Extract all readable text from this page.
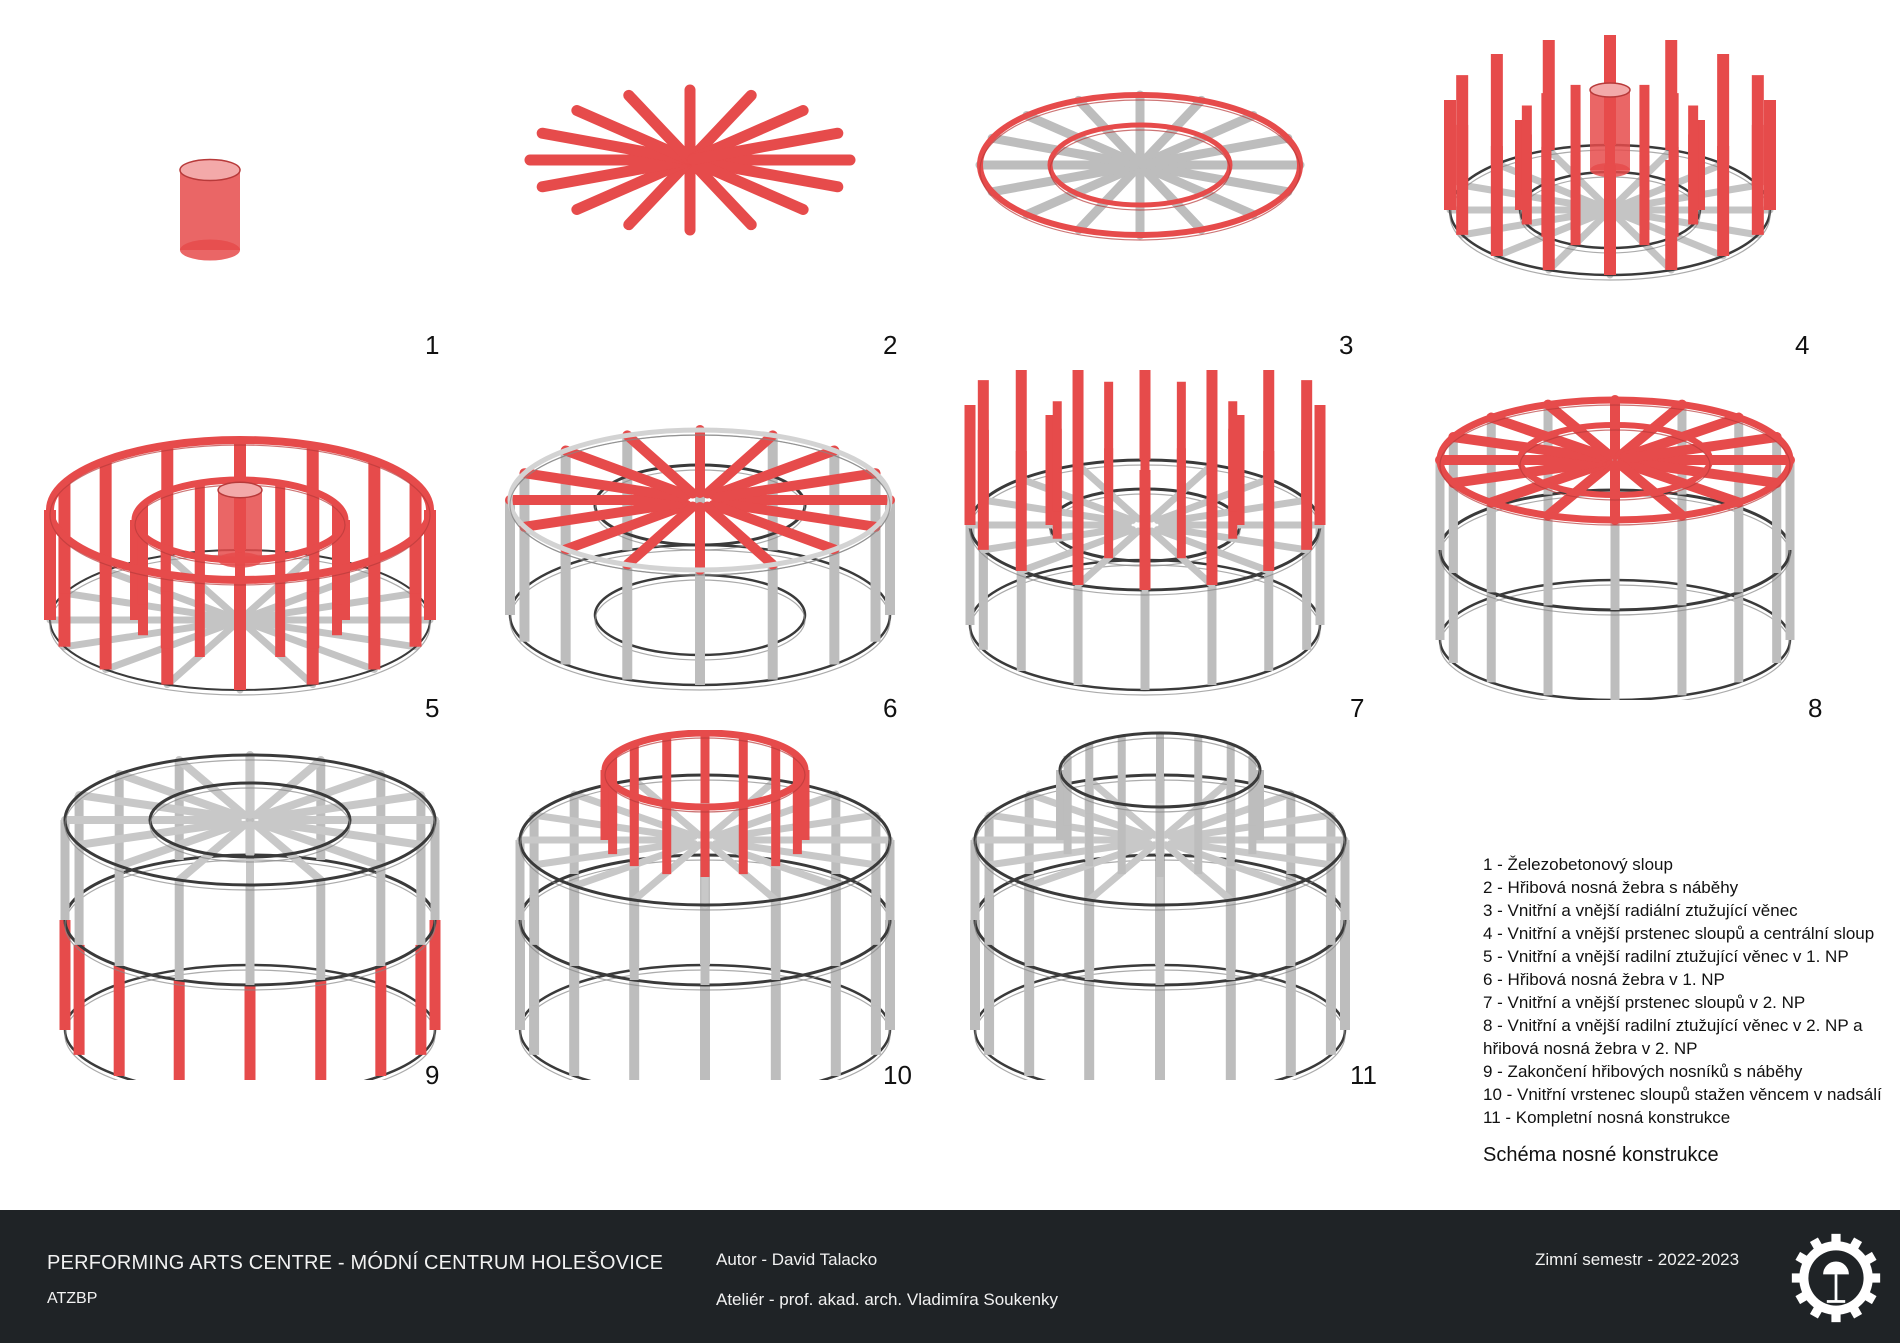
1	2	3	4
5	6	7	8
9	10	11
1 - Železobetonový sloup
2 - Hřibová nosná žebra s náběhy
3 - Vnitřní a vnější radiální ztužující věnec
4 - Vnitřní a vnější prstenec sloupů a centrální sloup
5 - Vnitřní a vnější radilní ztužující věnec v 1. NP
6 - Hřibová nosná žebra v 1. NP
7 - Vnitřní a vnější prstenec sloupů v 2. NP
8 - Vnitřní a vnější radilní ztužující věnec v 2. NP a
hřibová nosná žebra v 2. NP
9 - Zakončení hřibových nosníků s náběhy
10 - Vnitřní vrstenec sloupů stažen věncem v nadsálí
11 - Kompletní nosná konstrukce
Schéma nosné konstrukce
PERFORMING ARTS CENTRE - MÓDNÍ CENTRUM HOLEŠOVICE
ATZBP
Autor - David Talacko
Ateliér - prof. akad. arch. Vladimíra Soukenky
Zimní semestr - 2022-2023
